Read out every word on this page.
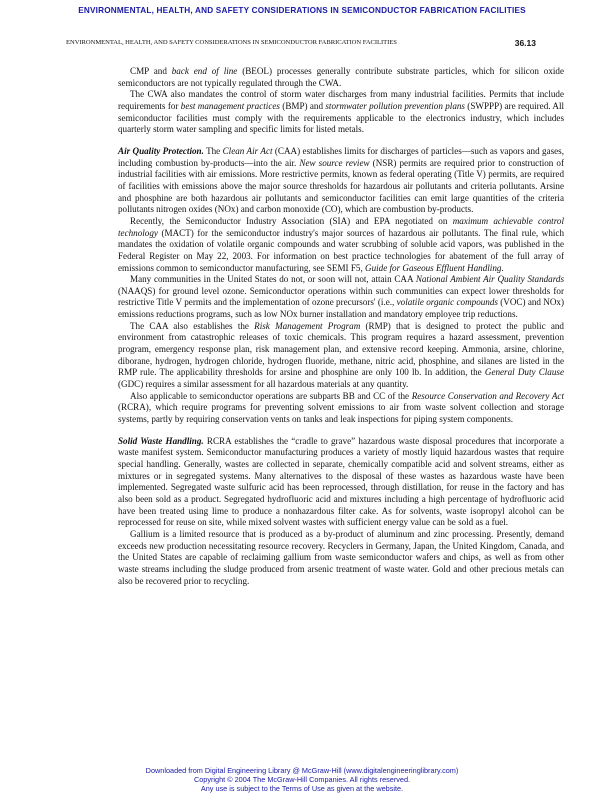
ENVIRONMENTAL, HEALTH, AND SAFETY CONSIDERATIONS IN SEMICONDUCTOR FABRICATION FACILITIES
ENVIRONMENTAL, HEALTH, AND SAFETY CONSIDERATIONS IN SEMICONDUCTOR FABRICATION FACILITIES	36.13

CMP and back end of line (BEOL) processes generally contribute substrate particles, which for silicon oxide semiconductors are not typically regulated through the CWA.

The CWA also mandates the control of storm water discharges from many industrial facilities. Permits that include requirements for best management practices (BMP) and stormwater pollution prevention plans (SWPPP) are required. All semiconductor facilities must comply with the requirements applicable to the electronics industry, which includes quarterly storm water sampling and specific limits for listed metals.

Air Quality Protection. The Clean Air Act (CAA) establishes limits for discharges of particles—such as vapors and gases, including combustion by-products—into the air. New source review (NSR) permits are required prior to construction of industrial facilities with air emissions. More restrictive permits, known as federal operating (Title V) permits, are required of facilities with emissions above the major source thresholds for hazardous air pollutants and criteria pollutants. Arsine and phosphine are both hazardous air pollutants and semiconductor facilities can emit large quantities of the criteria pollutants nitrogen oxides (NOx) and carbon monoxide (CO), which are combustion by-products.

Recently, the Semiconductor Industry Association (SIA) and EPA negotiated on maximum achievable control technology (MACT) for the semiconductor industry's major sources of hazardous air pollutants. The final rule, which mandates the oxidation of volatile organic compounds and water scrubbing of soluble acid vapors, was published in the Federal Register on May 22, 2003. For information on best practice technologies for abatement of the full array of emissions common to semiconductor manufacturing, see SEMI F5, Guide for Gaseous Effluent Handling.

Many communities in the United States do not, or soon will not, attain CAA National Ambient Air Quality Standards (NAAQS) for ground level ozone. Semiconductor operations within such communities can expect lower thresholds for restrictive Title V permits and the implementation of ozone precursors' (i.e., volatile organic compounds (VOC) and NOx) emissions reductions programs, such as low NOx burner installation and mandatory employee trip reductions.

The CAA also establishes the Risk Management Program (RMP) that is designed to protect the public and environment from catastrophic releases of toxic chemicals. This program requires a hazard assessment, prevention program, emergency response plan, risk management plan, and extensive record keeping. Ammonia, arsine, chlorine, diborane, hydrogen, hydrogen chloride, hydrogen fluoride, methane, nitric acid, phosphine, and silanes are listed in the RMP rule. The applicability thresholds for arsine and phosphine are only 100 lb. In addition, the General Duty Clause (GDC) requires a similar assessment for all hazardous materials at any quantity.

Also applicable to semiconductor operations are subparts BB and CC of the Resource Conservation and Recovery Act (RCRA), which require programs for preventing solvent emissions to air from waste solvent collection and storage systems, partly by requiring conservation vents on tanks and leak inspections for piping system components.

Solid Waste Handling. RCRA establishes the “cradle to grave” hazardous waste disposal procedures that incorporate a waste manifest system. Semiconductor manufacturing produces a variety of mostly liquid hazardous wastes that require special handling. Generally, wastes are collected in separate, chemically compatible acid and solvent streams, either as mixtures or in segregated systems. Many alternatives to the disposal of these wastes as hazardous waste have been implemented. Segregated waste sulfuric acid has been reprocessed, through distillation, for reuse in the factory and has also been sold as a product. Segregated hydrofluoric acid and mixtures including a high percentage of hydrofluoric acid have been treated using lime to produce a nonhazardous filter cake. As for solvents, waste isopropyl alcohol can be reprocessed for reuse on site, while mixed solvent wastes with sufficient energy value can be sold as a fuel.

Gallium is a limited resource that is produced as a by-product of aluminum and zinc processing. Presently, demand exceeds new production necessitating resource recovery. Recyclers in Germany, Japan, the United Kingdom, Canada, and the United States are capable of reclaiming gallium from waste semiconductor wafers and chips, as well as from other waste streams including the sludge produced from arsenic treatment of waste water. Gold and other precious metals can also be recovered prior to recycling.

Downloaded from Digital Engineering Library @ McGraw-Hill (www.digitalengineeringlibrary.com)
Copyright © 2004 The McGraw-Hill Companies. All rights reserved.
Any use is subject to the Terms of Use as given at the website.
